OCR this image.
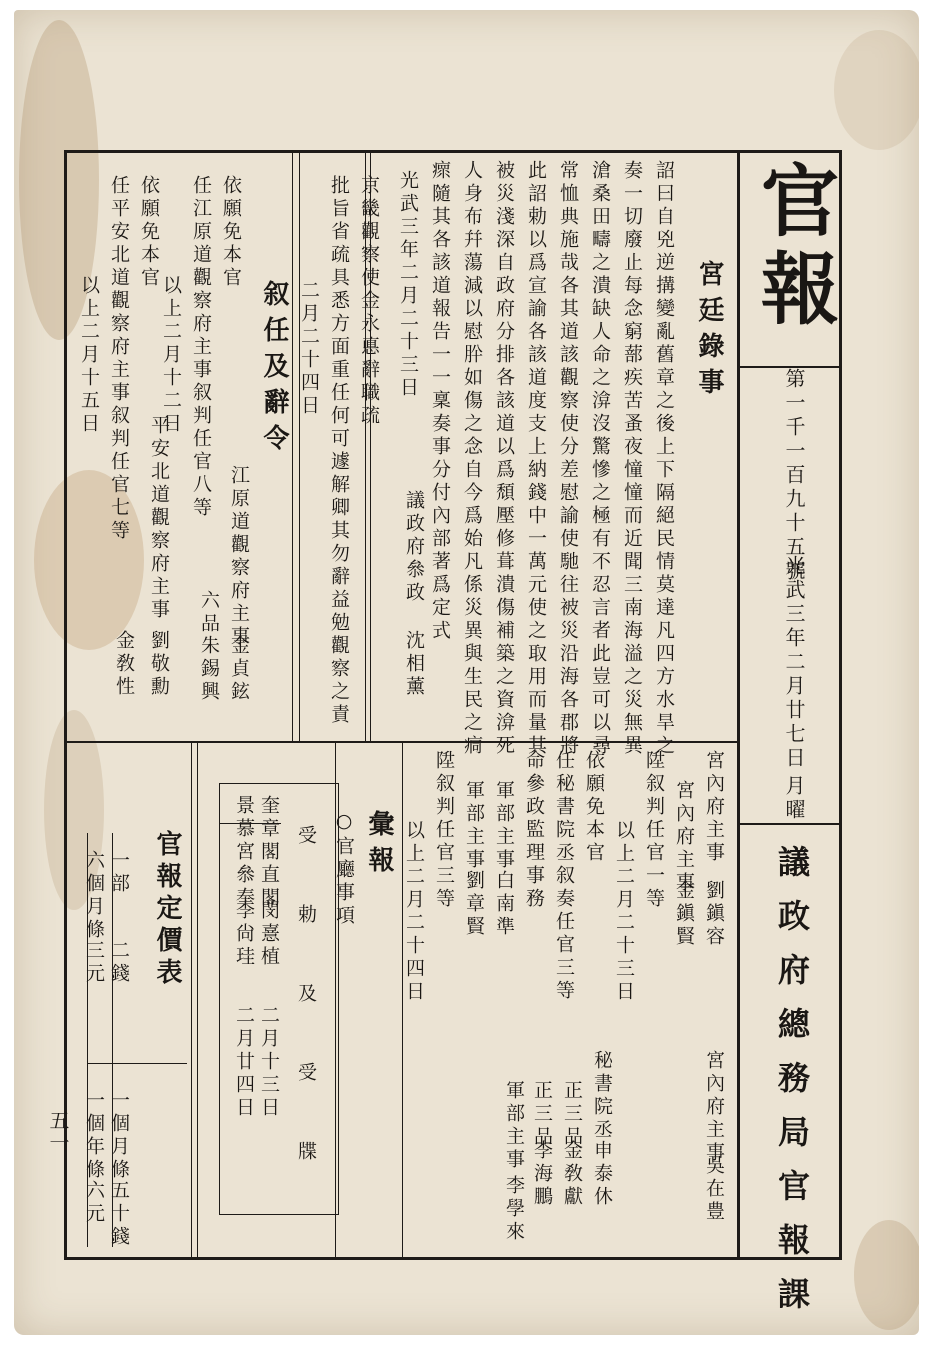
官報
第一千一百九十五號
光武三年二月廿七日
月曜
議政府總務局官報課
宮廷錄事
詔曰自兇逆搆變亂舊章之後上下隔絕民情莫達凡四方水旱之
奏一切廢止每念窮蔀疾苦蚤夜憧憧而近聞三南海溢之災無異
滄桑田疇之潰缺人命之渰沒驚慘之極有不忍言者此豈可以尋
常恤典施哉各其道該觀察使分差慰諭使馳往被災沿海各郡將
此詔勅以爲宣諭各該道度支上納錢中一萬元使之取用而量其
被災淺深自政府分排各該道以爲頹壓修葺潰傷補築之資渰死
人身布幷蕩減以慰肸如傷之念自今爲始凡係災異與生民之痌
瘝隨其各該道報告一一稟奏事分付內部著爲定式
光武三年二月二十三日
議政府叅政
沈相薰
京畿觀察使金永悳辭職疏
批旨省疏具悉方面重任何可遽解卿其勿辭益勉觀察之責
二月二十四日
叙任及辭令
依願免本官
任江原道觀察府主事叙判任官八等
以上二月十二日
江原道觀察府主事
金貞鉉
六品
朱錫興
依願免本官
任平安北道觀察府主事叙判任官七等
以上二月十五日
平安北道觀察府主事
劉敬勳
金敎性
宮內府主事
劉鎭容
宮內府主事
金鎭賢
陞叙判任官一等
以上二月二十三日
宮內府主事
吳在豊
依願免本官
任秘書院丞叙奏任官三等
命參政監理事務
秘書院丞
申泰休
正三品
金敎獻
正三品
李海鵬
軍部主事
白南準
軍部主事
劉章賢
軍部主事
李學來
陞叙判任官三等
以上二月二十四日
彙報
○官廳事項
受勅及受牒
奎章閣直閣
閔憙植
二月十三日
景慕宮叅奉
李尙珪
二月廿四日
官報定價表
一部
二錢
一個月條
五十錢
六個月條
三元
一個年條
六元
五一
